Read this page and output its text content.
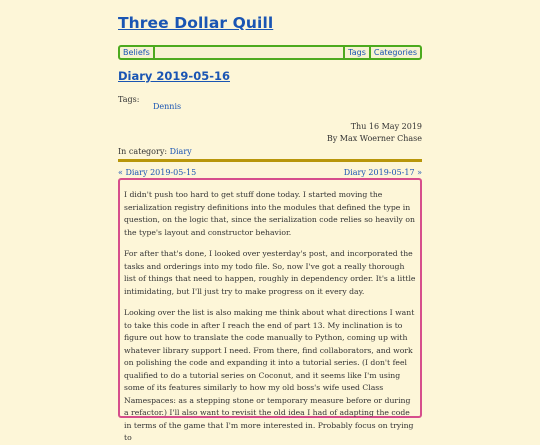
Three Dollar Quill
Beliefs	Tags Categories
Diary 2019-05-16
Tags:
Dennis
Thu 16 May 2019
By Max Woerner Chase
In category: Diary
« Diary 2019-05-15	Diary 2019-05-17 »

I didn't push too hard to get stuff done today. I started moving the serialization registry definitions into the modules that defined the type in question, on the logic that, since the serialization code relies so heavily on the type's layout and constructor behavior.

For after that's done, I looked over yesterday's post, and incorporated the tasks and orderings into my todo file. So, now I've got a really thorough list of things that need to happen, roughly in dependency order. It's a little intimidating, but I'll just try to make progress on it every day.

Looking over the list is also making me think about what directions I want to take this code in after I reach the end of part 13. My inclination is to figure out how to translate the code manually to Python, coming up with whatever library support I need. From there, find collaborators, and work on polishing the code and expanding it into a tutorial series. (I don't feel qualified to do a tutorial series on Coconut, and it seems like I'm using some of its features similarly to how my old boss's wife used Class Namespaces: as a stepping stone or temporary measure before or during a refactor.) I'll also want to revisit the old idea I had of adapting the code in terms of the game that I'm more interested in. Probably focus on trying to
